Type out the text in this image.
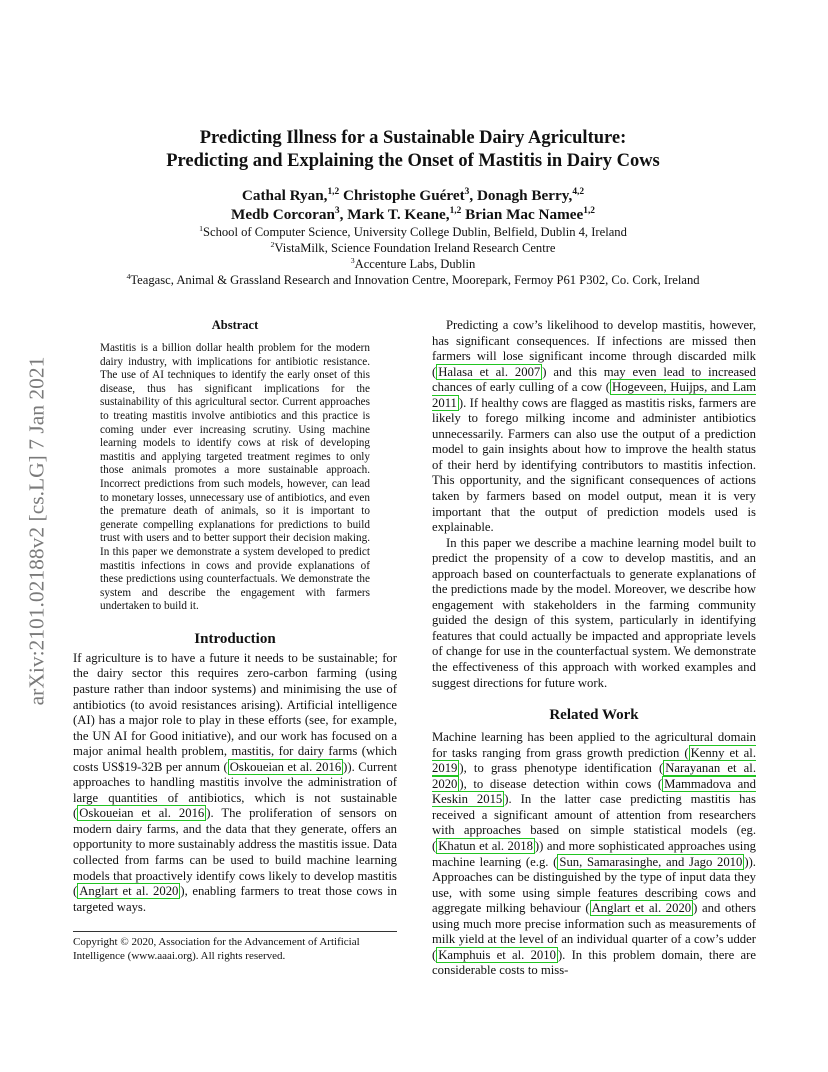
arXiv:2101.02188v2 [cs.LG] 7 Jan 2021
Predicting Illness for a Sustainable Dairy Agriculture:
Predicting and Explaining the Onset of Mastitis in Dairy Cows
Cathal Ryan,$^{1,2}$ Christophe Guéret$^3$, Donagh Berry,$^{4,2}$
Medb Corcoran$^3$, Mark T. Keane,$^{1,2}$ Brian Mac Namee$^{1,2}$
$^1$School of Computer Science, University College Dublin, Belfield, Dublin 4, Ireland
$^2$VistaMilk, Science Foundation Ireland Research Centre
$^3$Accenture Labs, Dublin
$^4$Teagasc, Animal & Grassland Research and Innovation Centre, Moorepark, Fermoy P61 P302, Co. Cork, Ireland
Abstract

Mastitis is a billion dollar health problem for the modern dairy industry, with implications for antibiotic resistance. The use of AI techniques to identify the early onset of this disease, thus has significant implications for the sustainability of this agricultural sector. Current approaches to treating mastitis involve antibiotics and this practice is coming under ever increasing scrutiny. Using machine learning models to identify cows at risk of developing mastitis and applying targeted treatment regimes to only those animals promotes a more sustainable approach. Incorrect predictions from such models, however, can lead to monetary losses, unnecessary use of antibiotics, and even the premature death of animals, so it is important to generate compelling explanations for predictions to build trust with users and to better support their decision making. In this paper we demonstrate a system developed to predict mastitis infections in cows and provide explanations of these predictions using counterfactuals. We demonstrate the system and describe the engagement with farmers undertaken to build it.

Introduction

If agriculture is to have a future it needs to be sustainable; for the dairy sector this requires zero-carbon farming (using pasture rather than indoor systems) and minimising the use of antibiotics (to avoid resistances arising). Artificial intelligence (AI) has a major role to play in these efforts (see, for example, the UN AI for Good initiative), and our work has focused on a major animal health problem, mastitis, for dairy farms (which costs US$19-32B per annum ( Oskoueian et al. 2016 )). Current approaches to handling mastitis involve the administration of large quantities of antibiotics, which is not sustainable ( Oskoueian et al. 2016 ). The proliferation of sensors on modern dairy farms, and the data that they generate, offers an opportunity to more sustainably address the mastitis issue. Data collected from farms can be used to build machine learning models that proactively identify cows likely to develop mastitis ( Anglart et al. 2020 ), enabling farmers to treat those cows in targeted ways.

Copyright © 2020, Association for the Advancement of Artificial Intelligence (www.aaai.org). All rights reserved.

Predicting a cow’s likelihood to develop mastitis, however, has significant consequences. If infections are missed then farmers will lose significant income through discarded milk ( Halasa et al. 2007 ) and this may even lead to increased chances of early culling of a cow ( Hogeveen, Huijps, and Lam 2011 ). If healthy cows are flagged as mastitis risks, farmers are likely to forego milking income and administer antibiotics unnecessarily. Farmers can also use the output of a prediction model to gain insights about how to improve the health status of their herd by identifying contributors to mastitis infection. This opportunity, and the significant consequences of actions taken by farmers based on model output, mean it is very important that the output of prediction models used is explainable.

In this paper we describe a machine learning model built to predict the propensity of a cow to develop mastitis, and an approach based on counterfactuals to generate explanations of the predictions made by the model. Moreover, we describe how engagement with stakeholders in the farming community guided the design of this system, particularly in identifying features that could actually be impacted and appropriate levels of change for use in the counterfactual system. We demonstrate the effectiveness of this approach with worked examples and suggest directions for future work.

Related Work

Machine learning has been applied to the agricultural domain for tasks ranging from grass growth prediction ( Kenny et al. 2019 ), to grass phenotype identification ( Narayanan et al. 2020 ), to disease detection within cows ( Mammadova and Keskin 2015 ). In the latter case predicting mastitis has received a significant amount of attention from researchers with approaches based on simple statistical models (eg. ( Khatun et al. 2018 )) and more sophisticated approaches using machine learning (e.g. ( Sun, Samarasinghe, and Jago 2010 )). Approaches can be distinguished by the type of input data they use, with some using simple features describing cows and aggregate milking behaviour ( Anglart et al. 2020 ) and others using much more precise information such as measurements of milk yield at the level of an individual quarter of a cow’s udder ( Kamphuis et al. 2010 ). In this problem domain, there are considerable costs to miss-
